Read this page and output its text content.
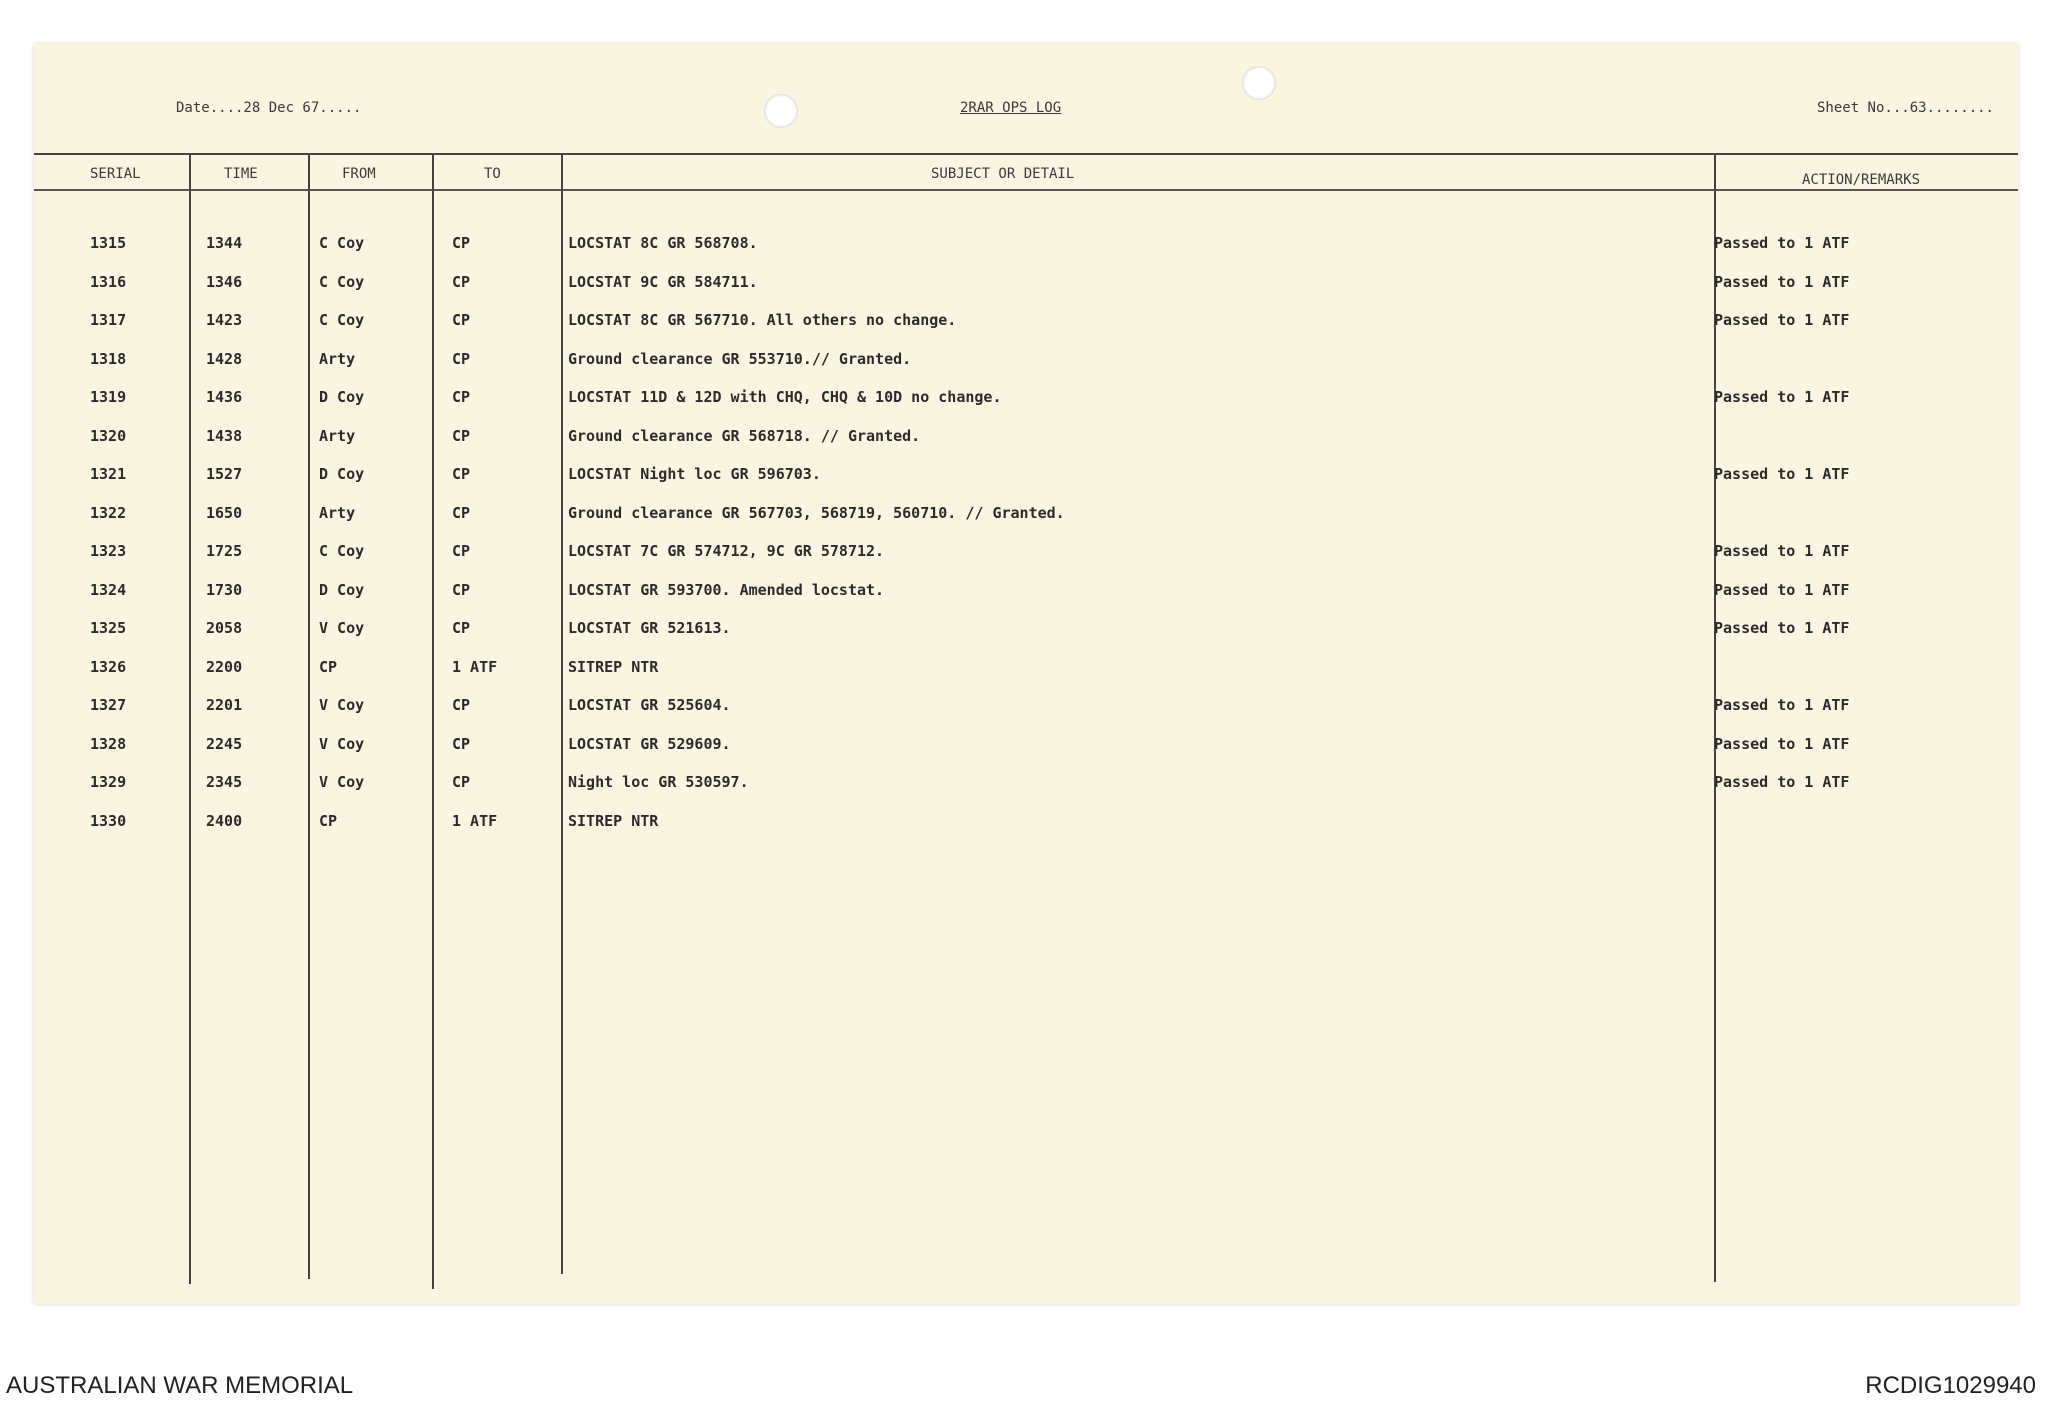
Date....28 Dec 67.....	2RAR OPS LOG	Sheet No...63........
SERIAL	TIME	FROM	TO	SUBJECT OR DETAIL	ACTION/REMARKS
1315	1344	C Coy	CP	LOCSTAT 8C GR 568708.	Passed to 1 ATF
1316	1346	C Coy	CP	LOCSTAT 9C GR 584711.	Passed to 1 ATF
1317	1423	C Coy	CP	LOCSTAT 8C GR 567710. All others no change.	Passed to 1 ATF
1318	1428	Arty	CP	Ground clearance GR 553710.// Granted.
1319	1436	D Coy	CP	LOCSTAT 11D & 12D with CHQ, CHQ & 10D no change.	Passed to 1 ATF
1320	1438	Arty	CP	Ground clearance GR 568718. // Granted.
1321	1527	D Coy	CP	LOCSTAT Night loc GR 596703.	Passed to 1 ATF
1322	1650	Arty	CP	Ground clearance GR 567703, 568719, 560710. // Granted.
1323	1725	C Coy	CP	LOCSTAT 7C GR 574712, 9C GR 578712.	Passed to 1 ATF
1324	1730	D Coy	CP	LOCSTAT GR 593700. Amended locstat.	Passed to 1 ATF
1325	2058	V Coy	CP	LOCSTAT GR 521613.	Passed to 1 ATF
1326	2200	CP	1 ATF	SITREP NTR
1327	2201	V Coy	CP	LOCSTAT GR 525604.	Passed to 1 ATF
1328	2245	V Coy	CP	LOCSTAT GR 529609.	Passed to 1 ATF
1329	2345	V Coy	CP	Night loc GR 530597.	Passed to 1 ATF
1330	2400	CP	1 ATF	SITREP NTR
AUSTRALIAN WAR MEMORIAL	RCDIG1029940
